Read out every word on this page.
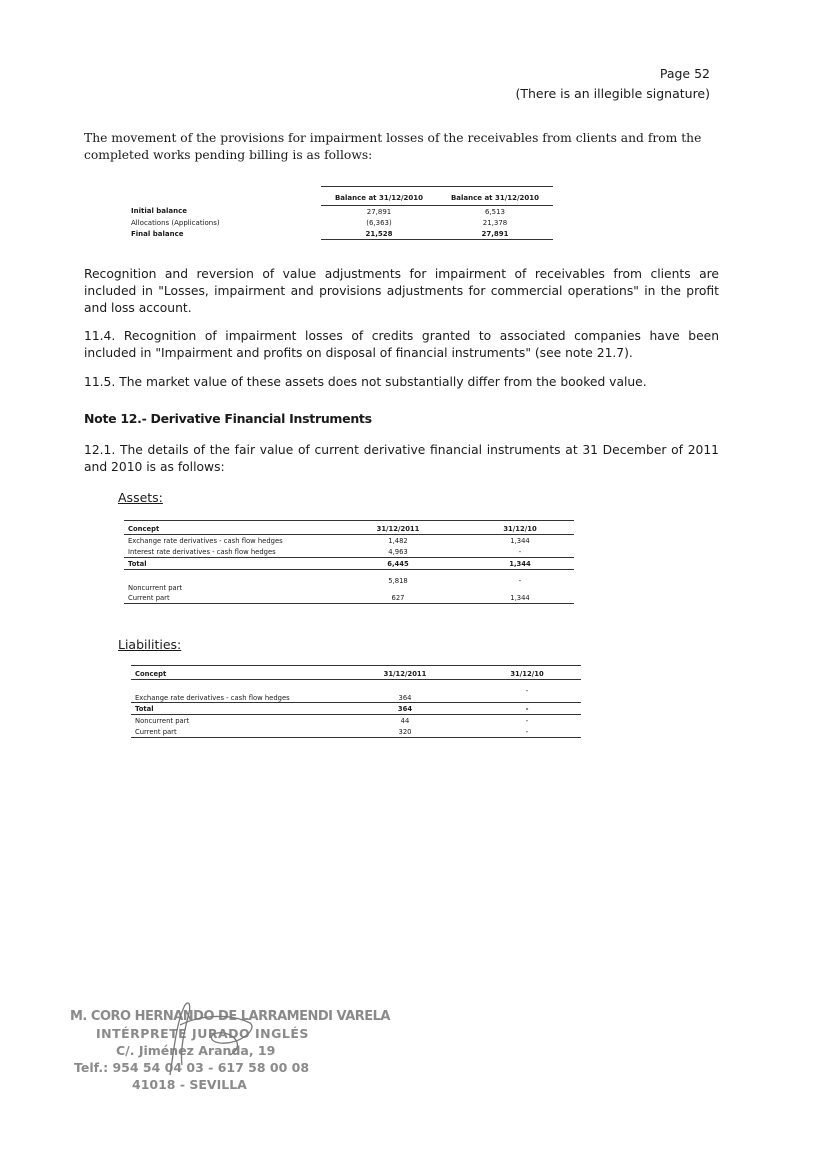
Page 52
(There is an illegible signature)
The movement of the provisions for impairment losses of the receivables from clients and from the completed works pending billing is as follows:
	Balance at 31/12/2010	Balance at 31/12/2010
Initial balance	27,891	6,513
Allocations (Applications)	(6,363)	21,378
Final balance	21,528	27,891
Recognition and reversion of value adjustments for impairment of receivables from clients are included in "Losses, impairment and provisions adjustments for commercial operations" in the profit and loss account.
11.4. Recognition of impairment losses of credits granted to associated companies have been included in "Impairment and profits on disposal of financial instruments" (see note 21.7).
11.5. The market value of these assets does not substantially differ from the booked value.
Note 12.- Derivative Financial Instruments
12.1. The details of the fair value of current derivative financial instruments at 31 December of 2011 and 2010 is as follows:
Assets:
Concept	31/12/2011	31/12/10
Exchange rate derivatives - cash flow hedges	1,482	1,344
Interest rate derivatives - cash flow hedges	4,963	-
Total	6,445	1,344
Noncurrent part	5,818	-
Current part	627	1,344
Liabilities:
Concept	31/12/2011	31/12/10
Exchange rate derivatives - cash flow hedges	364	-
Total	364	-
Noncurrent part	44	-
Current part	320	-
M. CORO HERNANDO DE LARRAMENDI VARELA
INTÉRPRETE JURADO INGLÉS
C/. Jiménez Aranda, 19
Telf.: 954 54 04 03 - 617 58 00 08
41018 - SEVILLA
